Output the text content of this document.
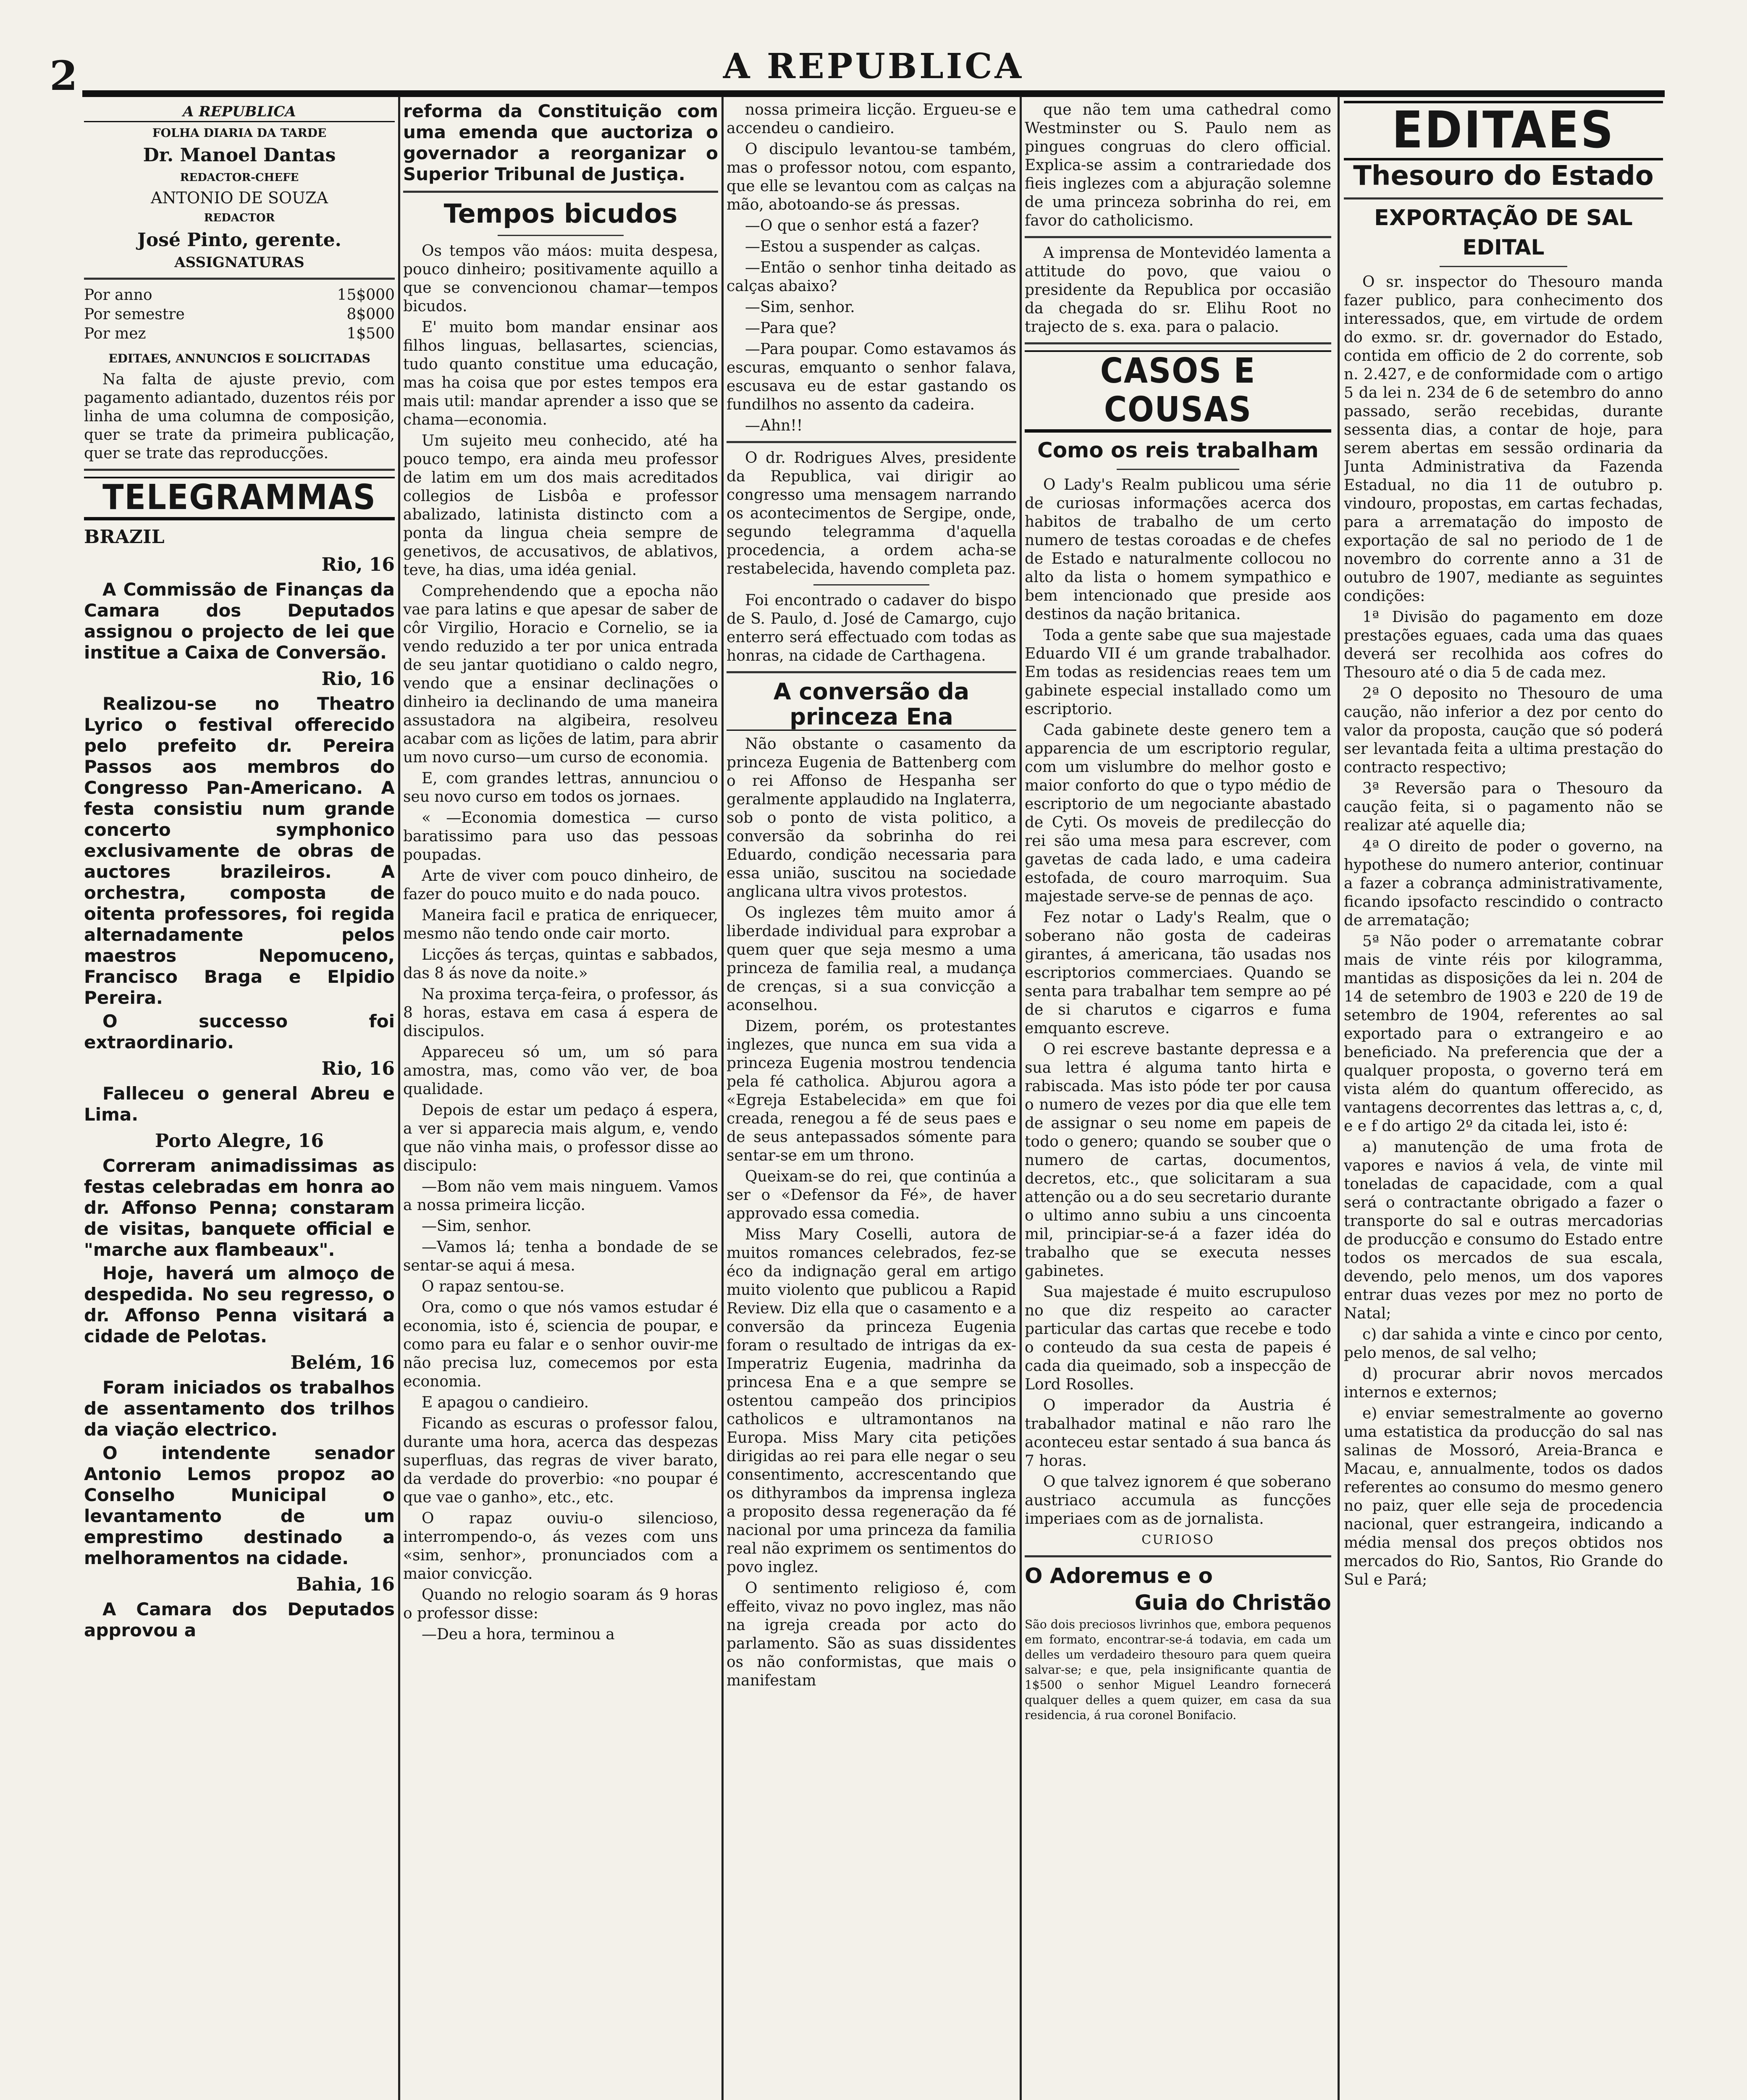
2	A REPUBLICA
A REPUBLICA
FOLHA DIARIA DA TARDE
Dr. Manoel Dantas
REDACTOR-CHEFE
ANTONIO DE SOUZA
REDACTOR
José Pinto, gerente.
ASSIGNATURAS
Por anno	15$000
Por semestre	8$000
Por mez	1$500
EDITAES, ANNUNCIOS E SOLICITADAS

Na falta de ajuste previo, com pagamento adiantado, duzentos réis por linha de uma columna de composição, quer se trate da primeira publicação, quer se trate das reproducções.

TELEGRAMMAS
BRAZIL
Rio, 16

A Commissão de Finanças da Camara dos Deputados assignou o projecto de lei que institue a Caixa de Conversão.

Rio, 16

Realizou-se no Theatro Lyrico o festival offerecido pelo prefeito dr. Pereira Passos aos membros do Congresso Pan-Americano. A festa consistiu num grande concerto symphonico exclusivamente de obras de auctores brazileiros. A orchestra, composta de oitenta professores, foi regida alternadamente pelos maestros Nepomuceno, Francisco Braga e Elpidio Pereira.

O successo foi extraordinario.

Rio, 16

Falleceu o general Abreu e Lima.

Porto Alegre, 16

Correram animadissimas as festas celebradas em honra ao dr. Affonso Penna; constaram de visitas, banquete official e "marche aux flambeaux".

Hoje, haverá um almoço de despedida. No seu regresso, o dr. Affonso Penna visitará a cidade de Pelotas.

Belém, 16

Foram iniciados os trabalhos de assentamento dos trilhos da viação electrico.

O intendente senador Antonio Lemos propoz ao Conselho Municipal o levantamento de um emprestimo destinado a melhoramentos na cidade.

Bahia, 16

A Camara dos Deputados approvou a

reforma da Constituição com uma emenda que auctoriza o governador a reorganizar o Superior Tribunal de Justiça.

Tempos bicudos

Os tempos vão máos: muita despesa, pouco dinheiro; positivamente aquillo a que se convencionou chamar—tempos bicudos.

E' muito bom mandar ensinar aos filhos linguas, bellasartes, sciencias, tudo quanto constitue uma educação, mas ha coisa que por estes tempos era mais util: mandar aprender a isso que se chama—economia.

Um sujeito meu conhecido, até ha pouco tempo, era ainda meu professor de latim em um dos mais acreditados collegios de Lisbôa e professor abalizado, latinista distincto com a ponta da lingua cheia sempre de genetivos, de accusativos, de ablativos, teve, ha dias, uma idéa genial.

Comprehendendo que a epocha não vae para latins e que apesar de saber de côr Virgilio, Horacio e Cornelio, se ia vendo reduzido a ter por unica entrada de seu jantar quotidiano o caldo negro, vendo que a ensinar declinações o dinheiro ia declinando de uma maneira assustadora na algibeira, resolveu acabar com as lições de latim, para abrir um novo curso—um curso de economia.

E, com grandes lettras, annunciou o seu novo curso em todos os jornaes.

« —Economia domestica — curso baratissimo para uso das pessoas poupadas.

Arte de viver com pouco dinheiro, de fazer do pouco muito e do nada pouco.

Maneira facil e pratica de enriquecer, mesmo não tendo onde cair morto.

Licções ás terças, quintas e sabbados, das 8 ás nove da noite.»

Na proxima terça-feira, o professor, ás 8 horas, estava em casa á espera de discipulos.

Appareceu só um, um só para amostra, mas, como vão ver, de boa qualidade.

Depois de estar um pedaço á espera, a ver si apparecia mais algum, e, vendo que não vinha mais, o professor disse ao discipulo:

—Bom não vem mais ninguem. Vamos a nossa primeira licção.

—Sim, senhor.

—Vamos lá; tenha a bondade de se sentar-se aqui á mesa.

O rapaz sentou-se.

Ora, como o que nós vamos estudar é economia, isto é, sciencia de poupar, e como para eu falar e o senhor ouvir-me não precisa luz, comecemos por esta economia.

E apagou o candieiro.

Ficando as escuras o professor falou, durante uma hora, acerca das despezas superfluas, das regras de viver barato, da verdade do proverbio: «no poupar é que vae o ganho», etc., etc.

O rapaz ouviu-o silencioso, interrompendo-o, ás vezes com uns «sim, senhor», pronunciados com a maior convicção.

Quando no relogio soaram ás 9 horas o professor disse:

—Deu a hora, terminou a

nossa primeira licção. Ergueu-se e accendeu o candieiro.

O discipulo levantou-se também, mas o professor notou, com espanto, que elle se levantou com as calças na mão, abotoando-se ás pressas.

—O que o senhor está a fazer?

—Estou a suspender as calças.

—Então o senhor tinha deitado as calças abaixo?

—Sim, senhor.

—Para que?

—Para poupar. Como estavamos ás escuras, emquanto o senhor falava, escusava eu de estar gastando os fundilhos no assento da cadeira.

—Ahn!!

O dr. Rodrigues Alves, presidente da Republica, vai dirigir ao congresso uma mensagem narrando os acontecimentos de Sergipe, onde, segundo telegramma d'aquella procedencia, a ordem acha-se restabelecida, havendo completa paz.

Foi encontrado o cadaver do bispo de S. Paulo, d. José de Camargo, cujo enterro será effectuado com todas as honras, na cidade de Carthagena.

A conversão da princeza Ena

Não obstante o casamento da princeza Eugenia de Battenberg com o rei Affonso de Hespanha ser geralmente applaudido na Inglaterra, sob o ponto de vista politico, a conversão da sobrinha do rei Eduardo, condição necessaria para essa união, suscitou na sociedade anglicana ultra vivos protestos.

Os inglezes têm muito amor á liberdade individual para exprobar a quem quer que seja mesmo a uma princeza de familia real, a mudança de crenças, si a sua convicção a aconselhou.

Dizem, porém, os protestantes inglezes, que nunca em sua vida a princeza Eugenia mostrou tendencia pela fé catholica. Abjurou agora a «Egreja Estabelecida» em que foi creada, renegou a fé de seus paes e de seus antepassados sómente para sentar-se em um throno.

Queixam-se do rei, que continúa a ser o «Defensor da Fé», de haver approvado essa comedia.

Miss Mary Coselli, autora de muitos romances celebrados, fez-se éco da indignação geral em artigo muito violento que publicou a Rapid Review. Diz ella que o casamento e a conversão da princeza Eugenia foram o resultado de intrigas da ex-Imperatriz Eugenia, madrinha da princesa Ena e a que sempre se ostentou campeão dos principios catholicos e ultramontanos na Europa. Miss Mary cita petições dirigidas ao rei para elle negar o seu consentimento, accrescentando que os dithyrambos da imprensa ingleza a proposito dessa regeneração da fé nacional por uma princeza da familia real não exprimem os sentimentos do povo inglez.

O sentimento religioso é, com effeito, vivaz no povo inglez, mas não na igreja creada por acto do parlamento. São as suas dissidentes os não conformistas, que mais o manifestam

que não tem uma cathedral como Westminster ou S. Paulo nem as pingues congruas do clero official. Explica-se assim a contrariedade dos fieis inglezes com a abjuração solemne de uma princeza sobrinha do rei, em favor do catholicismo.

A imprensa de Montevidéo lamenta a attitude do povo, que vaiou o presidente da Republica por occasião da chegada do sr. Elihu Root no trajecto de s. exa. para o palacio.

CASOS E COUSAS
Como os reis trabalham

O Lady's Realm publicou uma série de curiosas informações acerca dos habitos de trabalho de um certo numero de testas coroadas e de chefes de Estado e naturalmente collocou no alto da lista o homem sympathico e bem intencionado que preside aos destinos da nação britanica.

Toda a gente sabe que sua majestade Eduardo VII é um grande trabalhador. Em todas as residencias reaes tem um gabinete especial installado como um escriptorio.

Cada gabinete deste genero tem a apparencia de um escriptorio regular, com um vislumbre do melhor gosto e maior conforto do que o typo médio de escriptorio de um negociante abastado de Cyti. Os moveis de predilecção do rei são uma mesa para escrever, com gavetas de cada lado, e uma cadeira estofada, de couro marroquim. Sua majestade serve-se de pennas de aço.

Fez notar o Lady's Realm, que o soberano não gosta de cadeiras girantes, á americana, tão usadas nos escriptorios commerciaes. Quando se senta para trabalhar tem sempre ao pé de si charutos e cigarros e fuma emquanto escreve.

O rei escreve bastante depressa e a sua lettra é alguma tanto hirta e rabiscada. Mas isto póde ter por causa o numero de vezes por dia que elle tem de assignar o seu nome em papeis de todo o genero; quando se souber que o numero de cartas, documentos, decretos, etc., que solicitaram a sua attenção ou a do seu secretario durante o ultimo anno subiu a uns cincoenta mil, principiar-se-á a fazer idéa do trabalho que se executa nesses gabinetes.

Sua majestade é muito escrupuloso no que diz respeito ao caracter particular das cartas que recebe e todo o conteudo da sua cesta de papeis é cada dia queimado, sob a inspecção de Lord Rosolles.

O imperador da Austria é trabalhador matinal e não raro lhe aconteceu estar sentado á sua banca ás 7 horas.

O que talvez ignorem é que soberano austriaco accumula as funcções imperiaes com as de jornalista.

CURIOSO

O Adoremus e o
Guia do Christão

São dois preciosos livrinhos que, embora pequenos em formato, encontrar-se-á todavia, em cada um delles um verdadeiro thesouro para quem queira salvar-se; e que, pela insignificante quantia de 1$500 o senhor Miguel Leandro fornecerá qualquer delles a quem quizer, em casa da sua residencia, á rua coronel Bonifacio.

EDITAES
Thesouro do Estado
EXPORTAÇÃO DE SAL
EDITAL

O sr. inspector do Thesouro manda fazer publico, para conhecimento dos interessados, que, em virtude de ordem do exmo. sr. dr. governador do Estado, contida em officio de 2 do corrente, sob n. 2.427, e de conformidade com o artigo 5 da lei n. 234 de 6 de setembro do anno passado, serão recebidas, durante sessenta dias, a contar de hoje, para serem abertas em sessão ordinaria da Junta Administrativa da Fazenda Estadual, no dia 11 de outubro p. vindouro, propostas, em cartas fechadas, para a arrematação do imposto de exportação de sal no periodo de 1 de novembro do corrente anno a 31 de outubro de 1907, mediante as seguintes condições:

1ª Divisão do pagamento em doze prestações eguaes, cada uma das quaes deverá ser recolhida aos cofres do Thesouro até o dia 5 de cada mez.

2ª O deposito no Thesouro de uma caução, não inferior a dez por cento do valor da proposta, caução que só poderá ser levantada feita a ultima prestação do contracto respectivo;

3ª Reversão para o Thesouro da caução feita, si o pagamento não se realizar até aquelle dia;

4ª O direito de poder o governo, na hypothese do numero anterior, continuar a fazer a cobrança administrativamente, ficando ipsofacto rescindido o contracto de arrematação;

5ª Não poder o arrematante cobrar mais de vinte réis por kilogramma, mantidas as disposições da lei n. 204 de 14 de setembro de 1903 e 220 de 19 de setembro de 1904, referentes ao sal exportado para o extrangeiro e ao beneficiado. Na preferencia que der a qualquer proposta, o governo terá em vista além do quantum offerecido, as vantagens decorrentes das lettras a, c, d, e e f do artigo 2º da citada lei, isto é:

a) manutenção de uma frota de vapores e navios á vela, de vinte mil toneladas de capacidade, com a qual será o contractante obrigado a fazer o transporte do sal e outras mercadorias de producção e consumo do Estado entre todos os mercados de sua escala, devendo, pelo menos, um dos vapores entrar duas vezes por mez no porto de Natal;

c) dar sahida a vinte e cinco por cento, pelo menos, de sal velho;

d) procurar abrir novos mercados internos e externos;

e) enviar semestralmente ao governo uma estatistica da producção do sal nas salinas de Mossoró, Areia-Branca e Macau, e, annualmente, todos os dados referentes ao consumo do mesmo genero no paiz, quer elle seja de procedencia nacional, quer estrangeira, indicando a média mensal dos preços obtidos nos mercados do Rio, Santos, Rio Grande do Sul e Pará;
